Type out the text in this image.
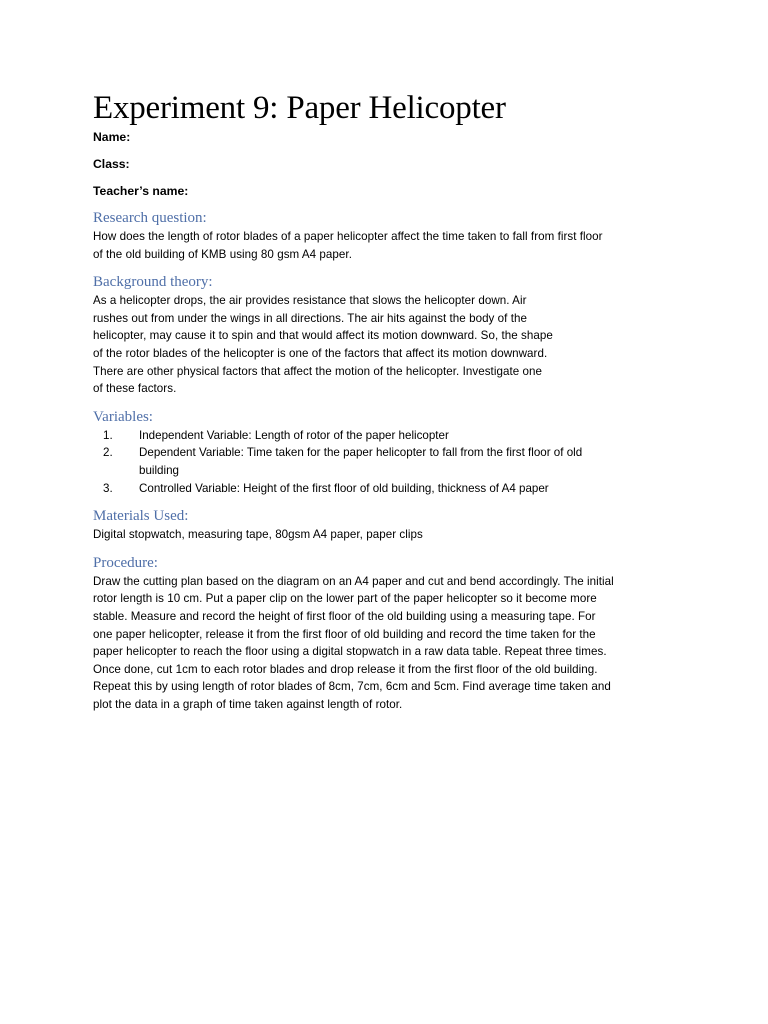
Experiment 9: Paper Helicopter
Name:
Class:
Teacher’s name:
Research question:
How does the length of rotor blades of a paper helicopter affect the time taken to fall from first floor
of the old building of KMB using 80 gsm A4 paper.
Background theory:
As a helicopter drops, the air provides resistance that slows the helicopter down. Air
rushes out from under the wings in all directions. The air hits against the body of the
helicopter, may cause it to spin and that would affect its motion downward. So, the shape
of the rotor blades of the helicopter is one of the factors that affect its motion downward.
There are other physical factors that affect the motion of the helicopter. Investigate one
of these factors.
Variables:
1.	Independent Variable: Length of rotor of the paper helicopter
2.	Dependent Variable: Time taken for the paper helicopter to fall from the first floor of old
building
3.	Controlled Variable: Height of the first floor of old building, thickness of A4 paper
Materials Used:
Digital stopwatch, measuring tape, 80gsm A4 paper, paper clips
Procedure:
Draw the cutting plan based on the diagram on an A4 paper and cut and bend accordingly. The initial
rotor length is 10 cm. Put a paper clip on the lower part of the paper helicopter so it become more
stable. Measure and record the height of first floor of the old building using a measuring tape. For
one paper helicopter, release it from the first floor of old building and record the time taken for the
paper helicopter to reach the floor using a digital stopwatch in a raw data table. Repeat three times.
Once done, cut 1cm to each rotor blades and drop release it from the first floor of the old building.
Repeat this by using length of rotor blades of 8cm, 7cm, 6cm and 5cm. Find average time taken and
plot the data in a graph of time taken against length of rotor.
